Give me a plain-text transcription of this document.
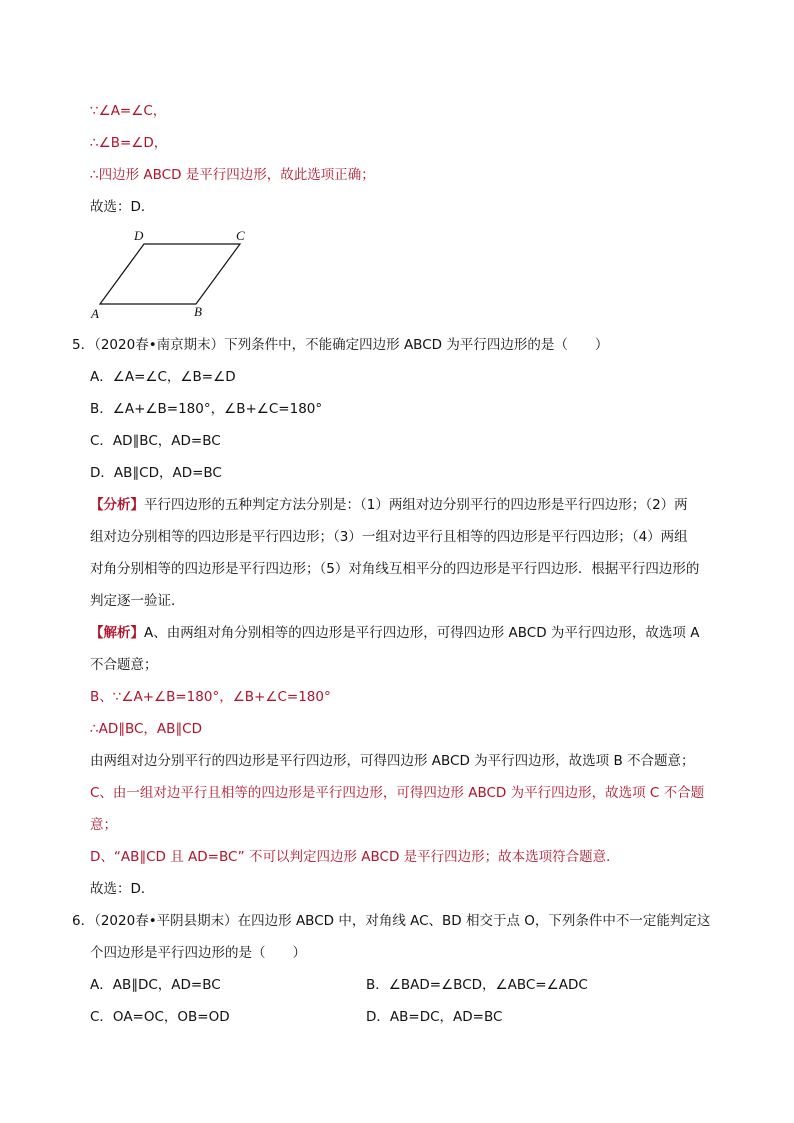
∵∠A=∠C，
∴∠B=∠D，
∴四边形 ABCD 是平行四边形，故此选项正确；
故选：D．
A	B
C
D
5．（2020春•南京期末）下列条件中，不能确定四边形 ABCD 为平行四边形的是（　　）
A．∠A=∠C，∠B=∠D
B．∠A+∠B=180°，∠B+∠C=180°
C．AD∥BC，AD=BC
D．AB∥CD，AD=BC
【分析】平行四边形的五种判定方法分别是：（1）两组对边分别平行的四边形是平行四边形；（2）两
组对边分别相等的四边形是平行四边形；（3）一组对边平行且相等的四边形是平行四边形；（4）两组
对角分别相等的四边形是平行四边形；（5）对角线互相平分的四边形是平行四边形．根据平行四边形的
判定逐一验证．
【解析】A、由两组对角分别相等的四边形是平行四边形，可得四边形 ABCD 为平行四边形，故选项 A
不合题意；
B、∵∠A+∠B=180°，∠B+∠C=180°
∴AD∥BC，AB∥CD
由两组对边分别平行的四边形是平行四边形，可得四边形 ABCD 为平行四边形，故选项 B 不合题意；
C、由一组对边平行且相等的四边形是平行四边形，可得四边形 ABCD 为平行四边形，故选项 C 不合题
意；
D、“AB∥CD 且 AD=BC” 不可以判定四边形 ABCD 是平行四边形；故本选项符合题意．
故选：D．
6．（2020春•平阴县期末）在四边形 ABCD 中，对角线 AC、BD 相交于点 O，下列条件中不一定能判定这
个四边形是平行四边形的是（　　）
A．AB∥DC，AD=BC	B．∠BAD=∠BCD，∠ABC=∠ADC
C．OA=OC，OB=OD	D．AB=DC，AD=BC
